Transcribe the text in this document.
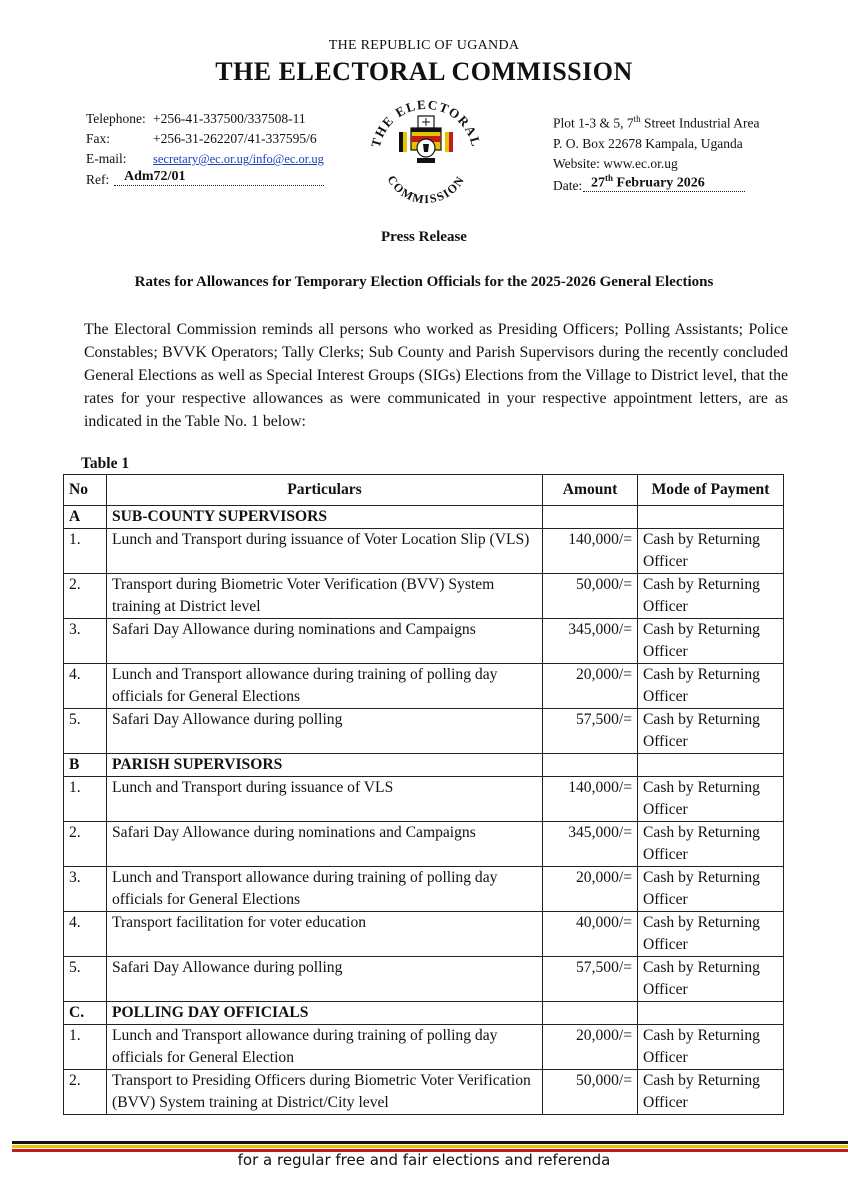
THE REPUBLIC OF UGANDA
THE ELECTORAL COMMISSION
Telephone: +256-41-337500/337508-11
Fax:	+256-31-262207/41-337595/6
E-mail:	secretary@ec.or.ug/info@ec.or.ug
Plot 1-3 & 5, 7th Street Industrial Area
P. O. Box 22678 Kampala, Uganda
Website: www.ec.or.ug
Ref: Adm72/01
Date: 27th February 2026
THE ELECTORAL
COMMISSION
Press Release
Rates for Allowances for Temporary Election Officials for the 2025-2026 General Elections
The Electoral Commission reminds all persons who worked as Presiding Officers; Polling Assistants; Police Constables; BVVK Operators; Tally Clerks; Sub County and Parish Supervisors during the recently concluded General Elections as well as Special Interest Groups (SIGs) Elections from the Village to District level, that the rates for your respective allowances as were communicated in your respective appointment letters, are as indicated in the Table No. 1 below:
Table 1
No	Particulars	Amount	Mode of Payment
A	SUB-COUNTY SUPERVISORS		
1.	Lunch and Transport during issuance of Voter Location Slip (VLS)	140,000/=	Cash by Returning Officer
2.	Transport during Biometric Voter Verification (BVV) System training at District level	50,000/=	Cash by Returning Officer
3.	Safari Day Allowance during nominations and Campaigns	345,000/=	Cash by Returning Officer
4.	Lunch and Transport allowance during training of polling day officials for General Elections	20,000/=	Cash by Returning Officer
5.	Safari Day Allowance during polling	57,500/=	Cash by Returning Officer
B	PARISH SUPERVISORS		
1.	Lunch and Transport during issuance of VLS	140,000/=	Cash by Returning Officer
2.	Safari Day Allowance during nominations and Campaigns	345,000/=	Cash by Returning Officer
3.	Lunch and Transport allowance during training of polling day officials for General Elections	20,000/=	Cash by Returning Officer
4.	Transport facilitation for voter education	40,000/=	Cash by Returning Officer
5.	Safari Day Allowance during polling	57,500/=	Cash by Returning Officer
C.	POLLING DAY OFFICIALS		
1.	Lunch and Transport allowance during training of polling day officials for General Election	20,000/=	Cash by Returning Officer
2.	Transport to Presiding Officers during Biometric Voter Verification (BVV) System training at District/City level	50,000/=	Cash by Returning Officer
for a regular free and fair elections and referenda
